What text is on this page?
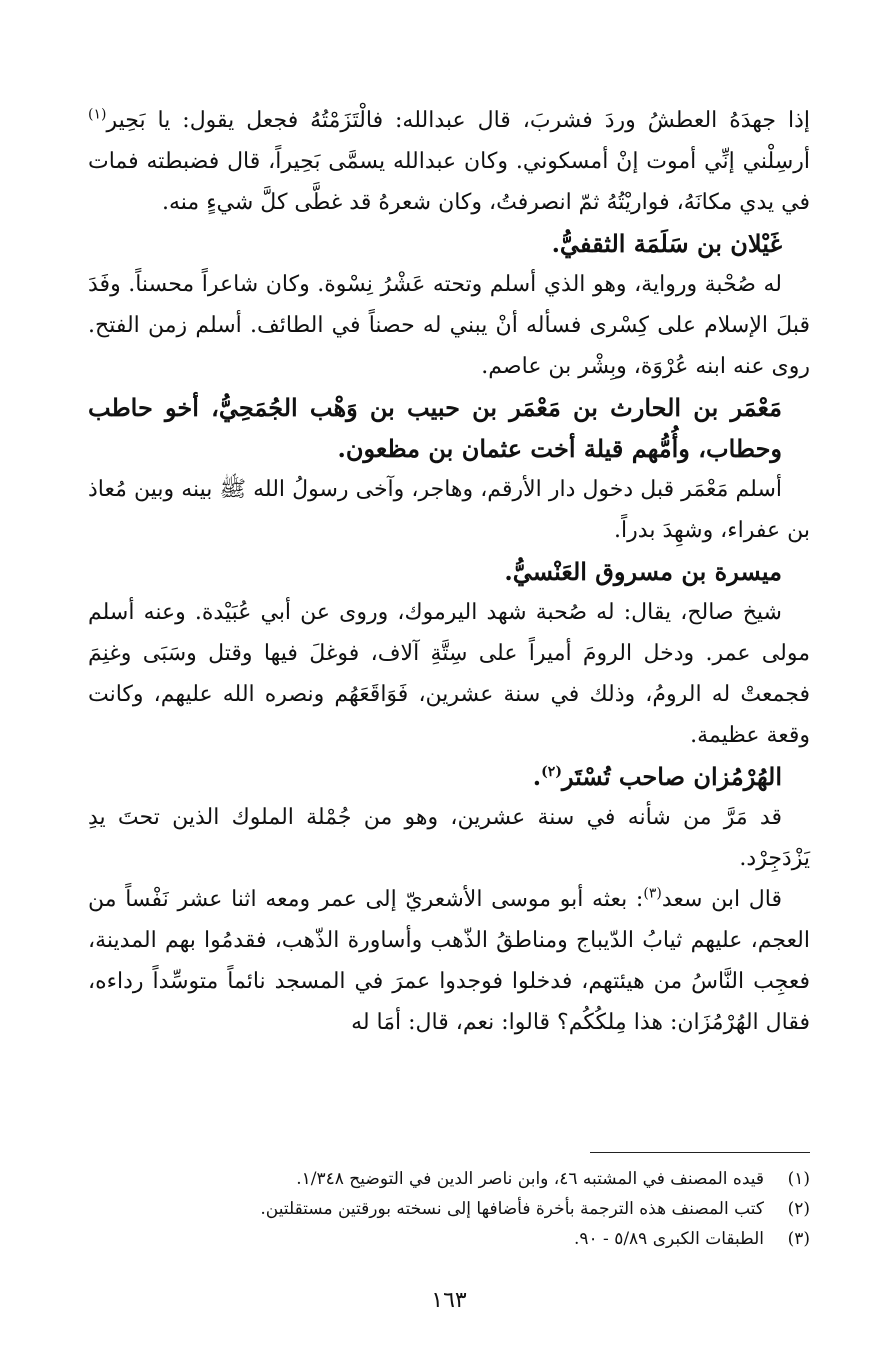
إذا جهدَهُ العطشُ وردَ فشربَ، قال عبدالله: فالْتَزَمْتُهُ فجعل يقول: يا بَحِير$^{(١)}$ أرسِلْني إنِّي أموت إنْ أمسكوني. وكان عبدالله يسمَّى بَحِيراً، قال فضبطته فمات في يدي مكانَهُ، فواريْتُهُ ثمّ انصرفتُ، وكان شعرهُ قد غطَّى كلَّ شيءٍ منه.

غَيْلان بن سَلَمَة الثقفيُّ.

له صُحْبة ورواية، وهو الذي أسلم وتحته عَشْرُ نِسْوة. وكان شاعراً محسناً. وفَدَ قبلَ الإسلام على كِسْرى فسأله أنْ يبني له حصناً في الطائف. أسلم زمن الفتح. روى عنه ابنه عُرْوَة، وبِشْر بن عاصم.

مَعْمَر بن الحارث بن مَعْمَر بن حبيب بن وَهْب الجُمَحِيُّ، أخو حاطب وحطاب، وأُمُّهم قيلة أخت عثمان بن مظعون.

أسلم مَعْمَر قبل دخول دار الأرقم، وهاجر، وآخى رسولُ الله ﷺ بينه وبين مُعاذ بن عفراء، وشهِدَ بدراً.

ميسرة بن مسروق العَنْسيُّ.

شيخ صالح، يقال: له صُحبة شهد اليرموك، وروى عن أبي عُبَيْدة. وعنه أسلم مولى عمر. ودخل الرومَ أميراً على سِتَّةِ آلاف، فوغلَ فيها وقتل وسَبَى وغنِمَ فجمعتْ له الرومُ، وذلك في سنة عشرين، فَوَاقَعَهُم ونصره الله عليهم، وكانت وقعة عظيمة.

الهُرْمُزان صاحب تُسْتَر$^{(٢)}$.

قد مَرَّ من شأنه في سنة عشرين، وهو من جُمْلة الملوك الذين تحتَ يدِ يَزْدَجِرْد.

قال ابن سعد$^{(٣)}$: بعثه أبو موسى الأشعريّ إلى عمر ومعه اثنا عشر نَفْساً من العجم، عليهم ثيابُ الدّيباج ومناطقُ الذّهب وأساورة الذّهب، فقدمُوا بهم المدينة، فعجِب النَّاسُ من هيئتهم، فدخلوا فوجدوا عمرَ في المسجد نائماً متوسِّداً رداءه، فقال الهُرْمُزَان: هذا مِلكُكُم؟ قالوا: نعم، قال: أمَا له

(١)
قيده المصنف في المشتبه ٤٦، وابن ناصر الدين في التوضيح ١/٣٤٨.

(٢)
كتب المصنف هذه الترجمة بأخرة فأضافها إلى نسخته بورقتين مستقلتين.

(٣)
الطبقات الكبرى ٥/٨٩ - ٩٠.

١٦٣
